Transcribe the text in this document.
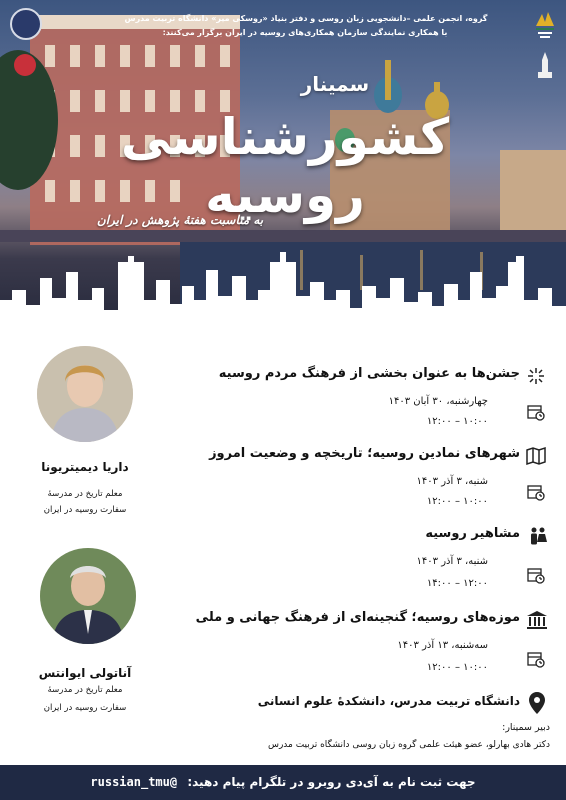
گروه، انجمن علمی –دانشجویی زبان روسی و دفتر بنیاد «روسکی میر» دانشگاه تربیت مدرس
با همکاری نمایندگی سازمان همکاری‌های روسیه در ایران برگزار می‌کنند:
سمینار
کشورشناسی روسیه
به مناسبت هفتهٔ پژوهش در ایران
داریا دیمیتریونا
معلم تاریخ در مدرسهٔ
سفارت روسیه در ایران
آناتولی ایوانتس
معلم تاریخ در مدرسهٔ
سفارت روسیه در ایران
جشن‌ها به عنوان بخشی از فرهنگ مردم روسیه
چهارشنبه، ۳۰ آبان ۱۴۰۳
۱۰:۰۰ – ۱۲:۰۰
شهرهای نمادین روسیه؛ تاریخچه و وضعیت امروز
شنبه، ۳ آذر ۱۴۰۳
۱۰:۰۰ – ۱۲:۰۰
مشاهیر روسیه
شنبه، ۳ آذر ۱۴۰۳
۱۲:۰۰ – ۱۴:۰۰
موزه‌های روسیه؛ گنجینه‌ای از فرهنگ جهانی و ملی
سه‌شنبه، ۱۳ آذر ۱۴۰۳
۱۰:۰۰ – ۱۲:۰۰
دانشگاه تربیت مدرس، دانشکدهٔ علوم انسانی
دبیر سمینار:
دکتر هادی بهارلو، عضو هیئت علمی گروه زبان روسی دانشگاه تربیت مدرس
جهت ثبت نام به آی‌دی روبرو در تلگرام پیام دهید: @russian_tmu
